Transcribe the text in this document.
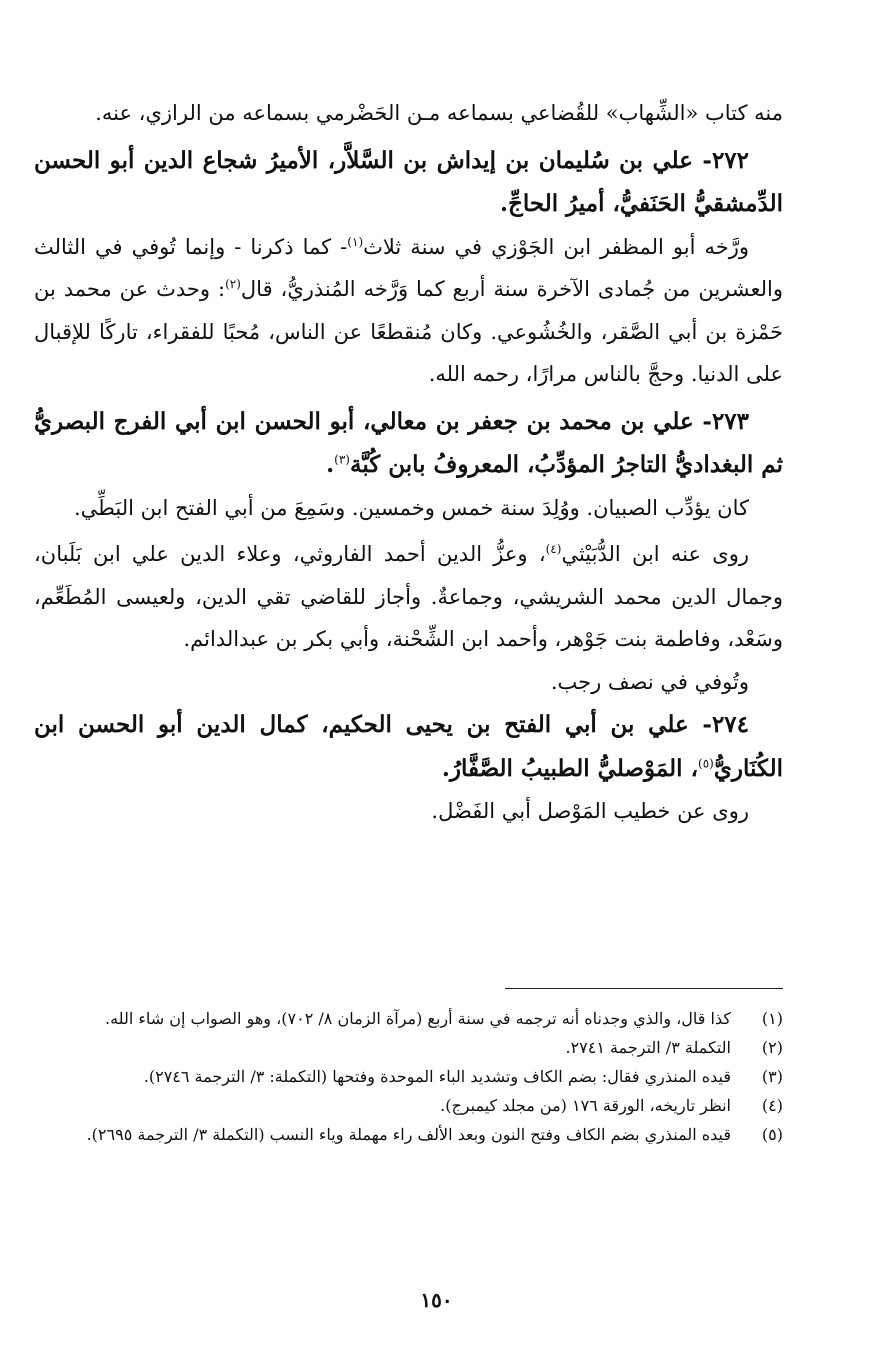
منه كتاب «الشِّهاب» للقُضاعي بسماعه مـن الحَضْرمي بسماعه من الرازي، عنه.

٢٧٢- علي بن سُليمان بن إيداش بن السَّلاَّر، الأميرُ شجاع الدين أبو الحسن الدِّمشقيُّ الحَنَفيُّ، أميرُ الحاجِّ.

ورَّخه أبو المظفر ابن الجَوْزي في سنة ثلاث$^{(١)}$- كما ذكرنا - وإنما تُوفي في الثالث والعشرين من جُمادى الآخرة سنة أربع كما وَرَّخه المُنذريُّ، قال$^{(٢)}$: وحدث عن محمد بن حَمْزة بن أبي الصَّقر، والخُشُوعي. وكان مُنقطعًا عن الناس، مُحبًا للفقراء، تاركًا للإقبال على الدنيا. وحجَّ بالناس مرارًا، رحمه الله.

٢٧٣- علي بن محمد بن جعفر بن معالي، أبو الحسن ابن أبي الفرج البصريُّ ثم البغداديُّ التاجرُ المؤدِّبُ، المعروفُ بابن كُبَّة$^{(٣)}$.

كان يؤدِّب الصبيان. ووُلِدَ سنة خمس وخمسين. وسَمِعَ من أبي الفتح ابن البَطِّي.

روى عنه ابن الدُّبَيْثي$^{(٤)}$، وعزُّ الدين أحمد الفاروثي، وعلاء الدين علي ابن بَلَبان، وجمال الدين محمد الشريشي، وجماعةٌ. وأجاز للقاضي تقي الدين، ولعيسى المُطَعِّم، وسَعْد، وفاطمة بنت جَوْهر، وأحمد ابن الشِّحْنة، وأبي بكر بن عبدالدائم.

وتُوفي في نصف رجب.

٢٧٤- علي بن أبي الفتح بن يحيى الحكيم، كمال الدين أبو الحسن ابن الكُنَاريُّ$^{(٥)}$، المَوْصليُّ الطبيبُ الصَّفَّارُ.

روى عن خطيب المَوْصل أبي الفَضْل.

(١)
كذا قال، والذي وجدناه أنه ترجمه في سنة أربع (مرآة الزمان ٨/ ٧٠٢)، وهو الصواب إن شاء الله.
(٢)
التكملة ٣/ الترجمة ٢٧٤١.
(٣)
قيده المنذري فقال: بضم الكاف وتشديد الباء الموحدة وفتحها (التكملة: ٣/ الترجمة ٢٧٤٦).
(٤)
انظر تاريخه، الورقة ١٧٦ (من مجلد كيمبرج).
(٥)
قيده المنذري بضم الكاف وفتح النون وبعد الألف راء مهملة وياء النسب (التكملة ٣/ الترجمة ٢٦٩٥).
١٥٠
